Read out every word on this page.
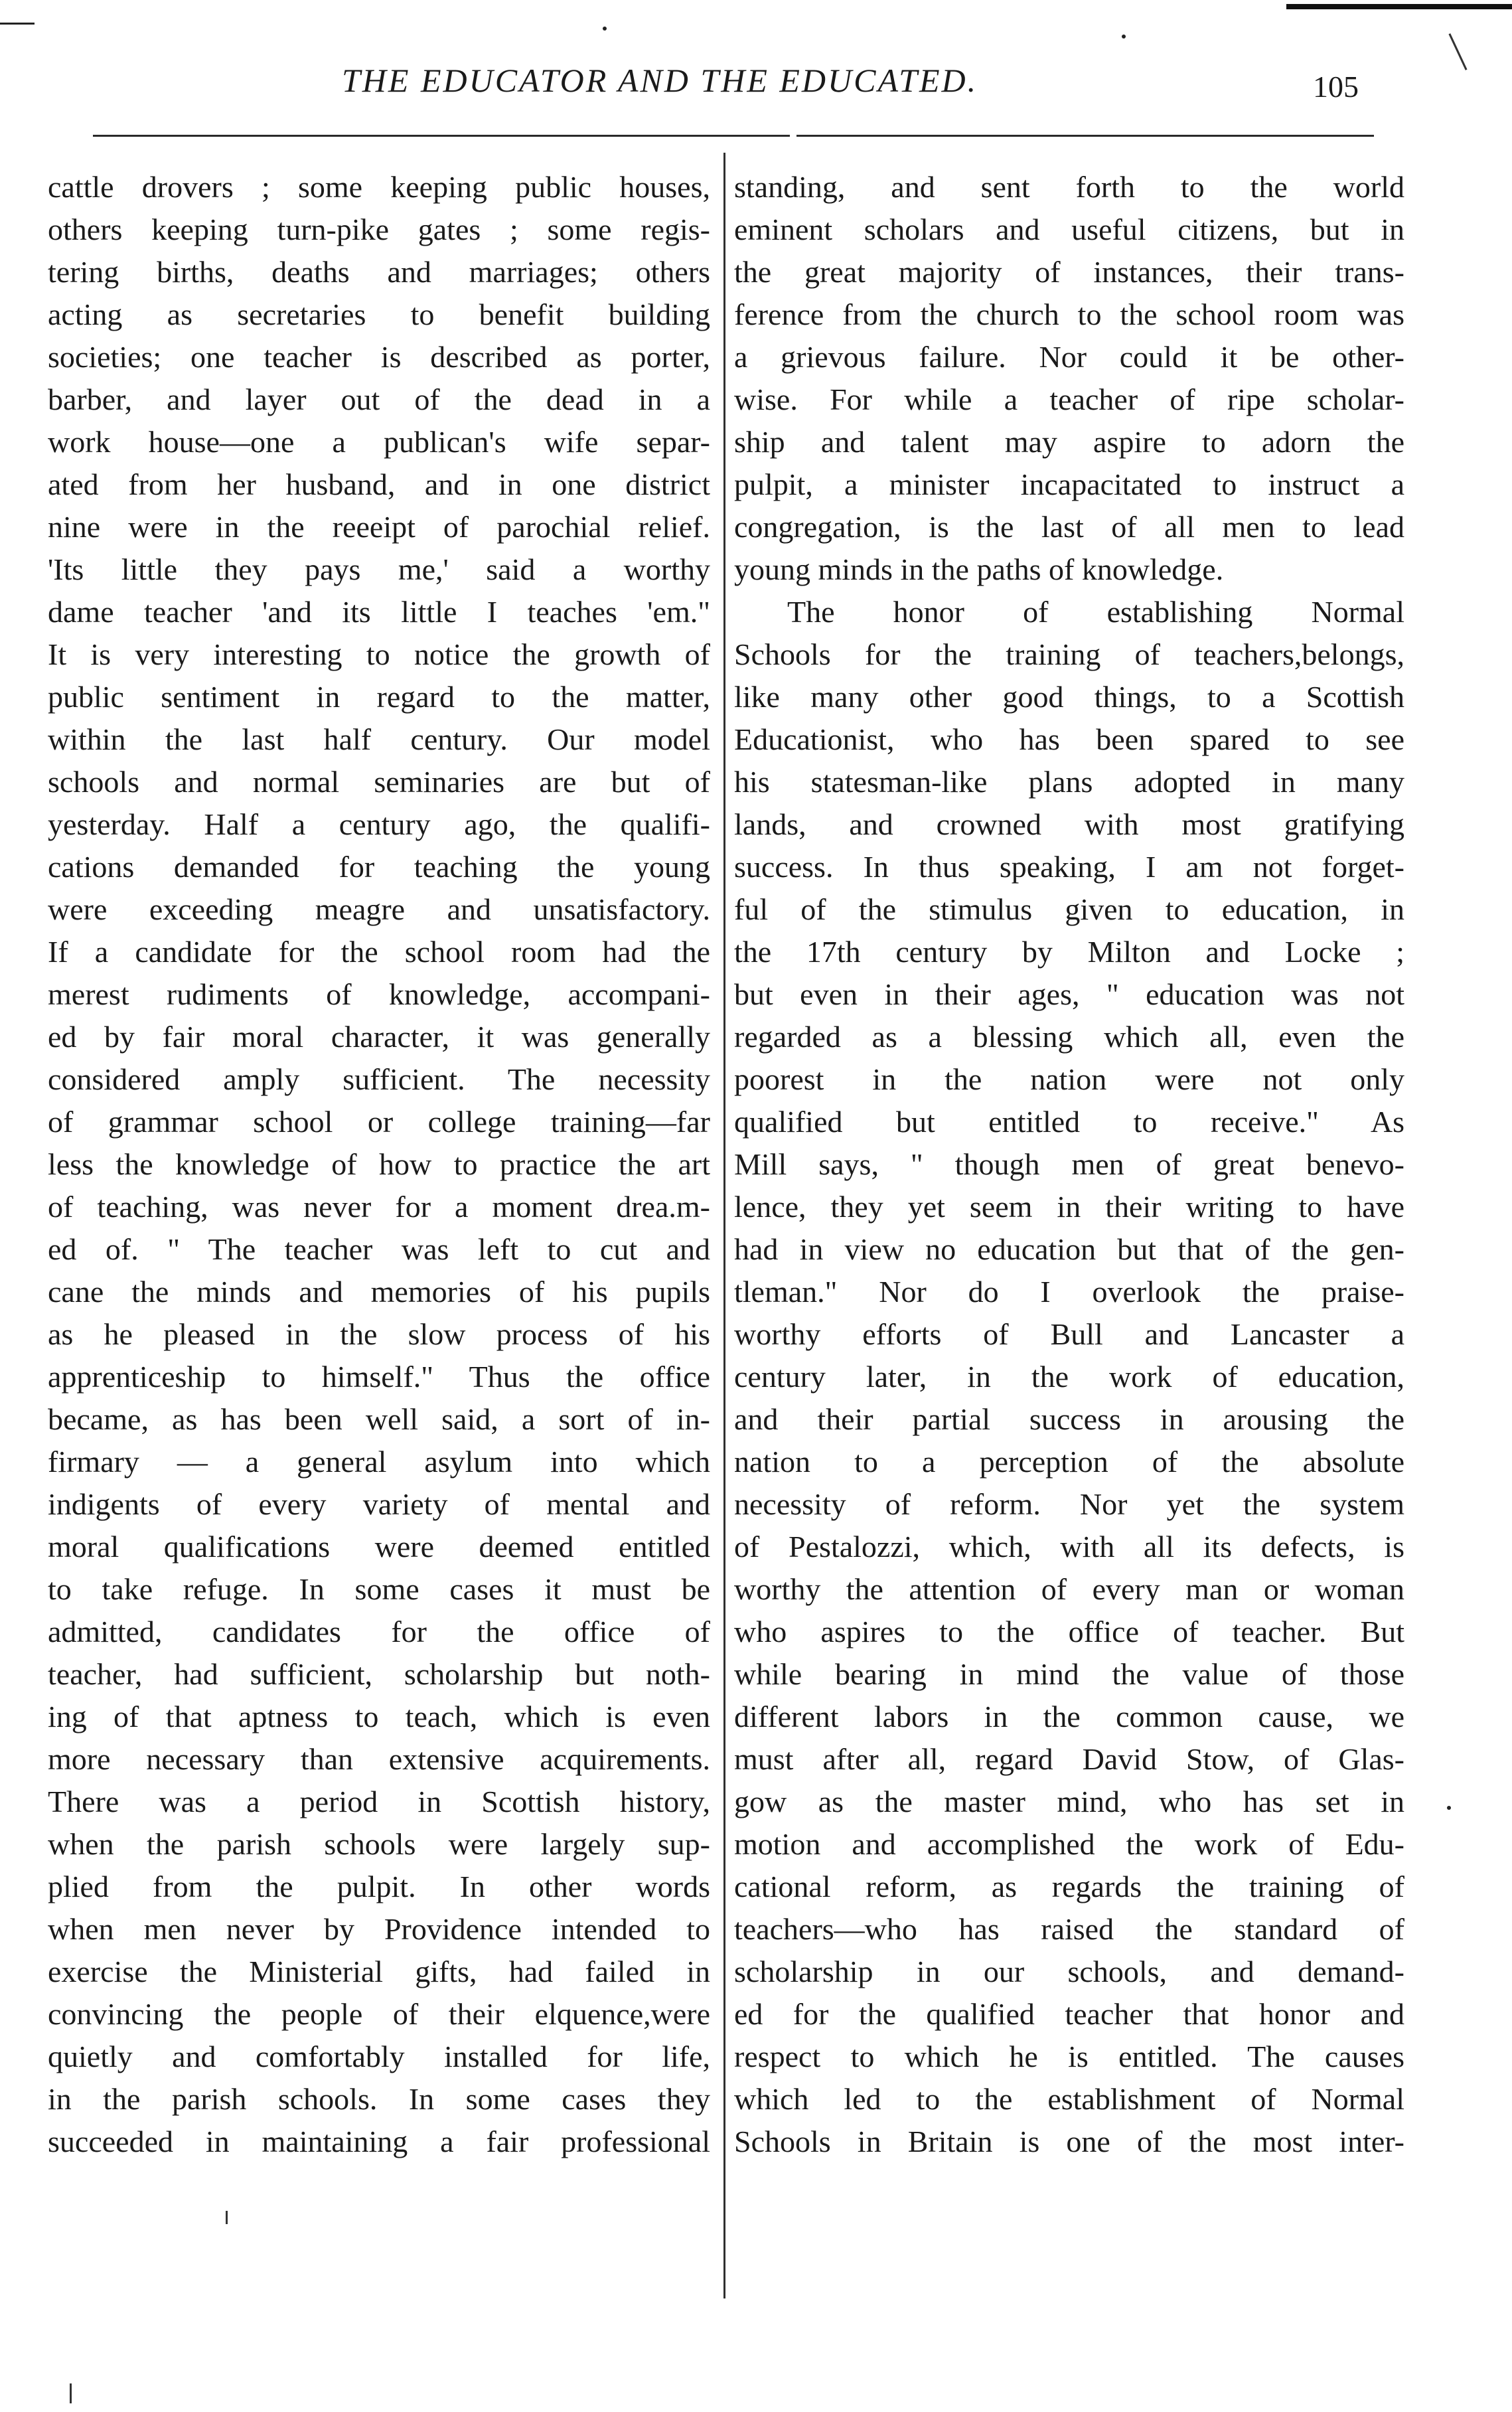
THE EDUCATOR AND THE EDUCATED.	105
cattle drovers ; some keeping public houses,
others keeping turn-pike gates ; some regis-
tering births, deaths and marriages; others
acting as secretaries to benefit building
societies; one teacher is described as porter,
barber, and layer out of the dead in a
work house—one a publican's wife separ-
ated from her husband, and in one district
nine were in the reeeipt of parochial relief.
'Its little they pays me,' said a worthy
dame teacher 'and its little I teaches 'em."
It is very interesting to notice the growth of
public sentiment in regard to the matter,
within the last half century. Our model
schools and normal seminaries are but of
yesterday. Half a century ago, the qualifi-
cations demanded for teaching the young
were exceeding meagre and unsatisfactory.
If a candidate for the school room had the
merest rudiments of knowledge, accompani-
ed by fair moral character, it was generally
considered amply sufficient. The necessity
of grammar school or college training—far
less the knowledge of how to practice the art
of teaching, was never for a moment drea.m-
ed of. " The teacher was left to cut and
cane the minds and memories of his pupils
as he pleased in the slow process of his
apprenticeship to himself." Thus the office
became, as has been well said, a sort of in-
firmary — a general asylum into which
indigents of every variety of mental and
moral qualifications were deemed entitled
to take refuge. In some cases it must be
admitted, candidates for the office of
teacher, had sufficient, scholarship but noth-
ing of that aptness to teach, which is even
more necessary than extensive acquirements.
There was a period in Scottish history,
when the parish schools were largely sup-
plied from the pulpit. In other words
when men never by Providence intended to
exercise the Ministerial gifts, had failed in
convincing the people of their elquence,were
quietly and comfortably installed for life,
in the parish schools. In some cases they
succeeded in maintaining a fair professional
standing, and sent forth to the world
eminent scholars and useful citizens, but in
the great majority of instances, their trans-
ference from the church to the school room was
a grievous failure. Nor could it be other-
wise. For while a teacher of ripe scholar-
ship and talent may aspire to adorn the
pulpit, a minister incapacitated to instruct a
congregation, is the last of all men to lead
young minds in the paths of knowledge.
The honor of establishing Normal
Schools for the training of teachers,belongs,
like many other good things, to a Scottish
Educationist, who has been spared to see
his statesman-like plans adopted in many
lands, and crowned with most gratifying
success. In thus speaking, I am not forget-
ful of the stimulus given to education, in
the 17th century by Milton and Locke ;
but even in their ages, " education was not
regarded as a blessing which all, even the
poorest in the nation were not only
qualified but entitled to receive." As
Mill says, " though men of great benevo-
lence, they yet seem in their writing to have
had in view no education but that of the gen-
tleman." Nor do I overlook the praise-
worthy efforts of Bull and Lancaster a
century later, in the work of education,
and their partial success in arousing the
nation to a perception of the absolute
necessity of reform. Nor yet the system
of Pestalozzi, which, with all its defects, is
worthy the attention of every man or woman
who aspires to the office of teacher. But
while bearing in mind the value of those
different labors in the common cause, we
must after all, regard David Stow, of Glas-
gow as the master mind, who has set in
motion and accomplished the work of Edu-
cational reform, as regards the training of
teachers—who has raised the standard of
scholarship in our schools, and demand-
ed for the qualified teacher that honor and
respect to which he is entitled. The causes
which led to the establishment of Normal
Schools in Britain is one of the most inter-
